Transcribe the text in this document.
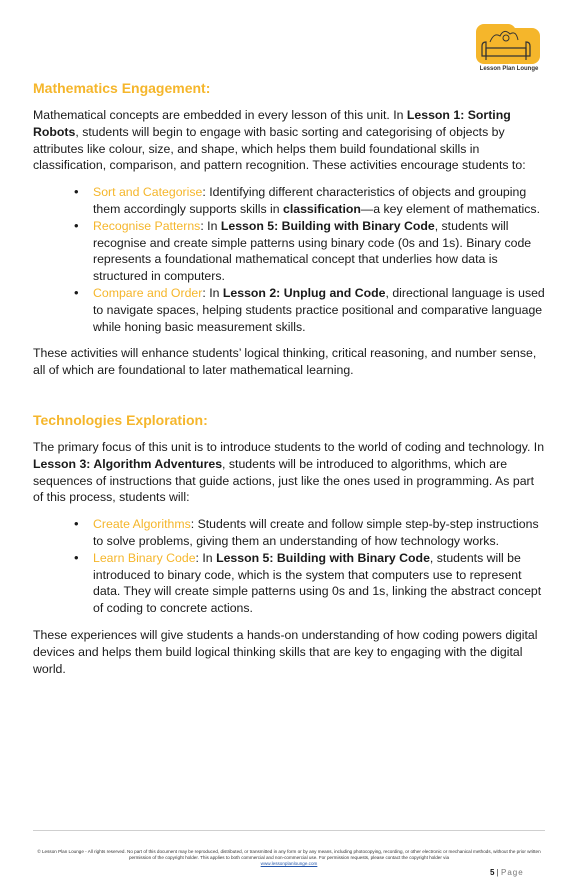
Lesson Plan Lounge
Mathematics Engagement:

Mathematical concepts are embedded in every lesson of this unit. In Lesson 1: Sorting Robots, students will begin to engage with basic sorting and categorising of objects by attributes like colour, size, and shape, which helps them build foundational skills in classification, comparison, and pattern recognition. These activities encourage students to:

• Sort and Categorise: Identifying different characteristics of objects and grouping them accordingly supports skills in classification—a key element of mathematics.
• Recognise Patterns: In Lesson 5: Building with Binary Code, students will recognise and create simple patterns using binary code (0s and 1s). Binary code represents a foundational mathematical concept that underlies how data is structured in computers.
• Compare and Order: In Lesson 2: Unplug and Code, directional language is used to navigate spaces, helping students practice positional and comparative language while honing basic measurement skills.

These activities will enhance students’ logical thinking, critical reasoning, and number sense, all of which are foundational to later mathematical learning.

Technologies Exploration:

The primary focus of this unit is to introduce students to the world of coding and technology. In Lesson 3: Algorithm Adventures, students will be introduced to algorithms, which are sequences of instructions that guide actions, just like the ones used in programming. As part of this process, students will:

• Create Algorithms: Students will create and follow simple step-by-step instructions to solve problems, giving them an understanding of how technology works.
• Learn Binary Code: In Lesson 5: Building with Binary Code, students will be introduced to binary code, which is the system that computers use to represent data. They will create simple patterns using 0s and 1s, linking the abstract concept of coding to concrete actions.

These experiences will give students a hands-on understanding of how coding powers digital devices and helps them build logical thinking skills that are key to engaging with the digital world.

© Lesson Plan Lounge - All rights reserved. No part of this document may be reproduced, distributed, or transmitted in any form or by any means, including photocopying, recording, or other electronic or mechanical methods, without the prior written permission of the copyright holder. This applies to both commercial and non-commercial use. For permission requests, please contact the copyright holder via
www.lessonplanlounge.com
5 | Page
